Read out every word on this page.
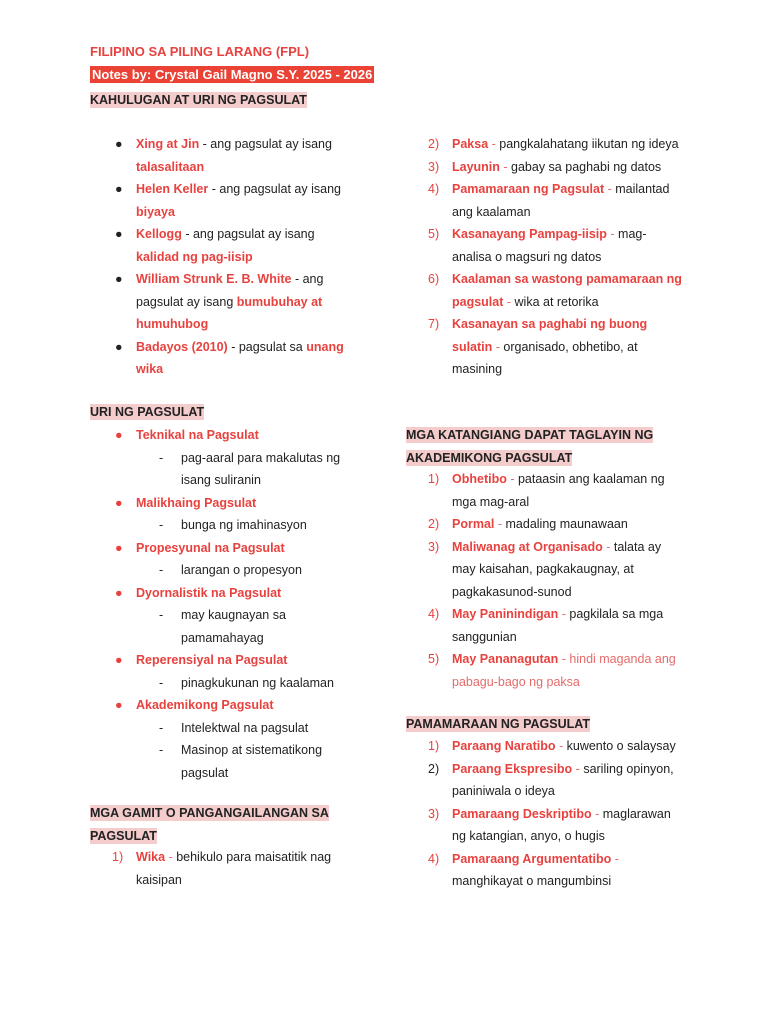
FILIPINO SA PILING LARANG (FPL)
Notes by: Crystal Gail Magno S.Y. 2025 - 2026
KAHULUGAN AT URI NG PAGSULAT
●	Xing at Jin - ang pagsulat ay isang
talasalitaan
●	Helen Keller - ang pagsulat ay isang
biyaya
●	Kellogg - ang pagsulat ay isang
kalidad ng pag-iisip
●	William Strunk E. B. White - ang pagsulat ay isang bumubuhay at humuhubog
●	Badayos (2010) - pagsulat sa unang wika
URI NG PAGSULAT
●	Teknikal na Pagsulat
- pag-aaral para makalutas ng isang suliranin
●	Malikhaing Pagsulat
- bunga ng imahinasyon
●	Propesyunal na Pagsulat
- larangan o propesyon
●	Dyornalistik na Pagsulat
- may kaugnayan sa pamamahayag
●	Reperensiyal na Pagsulat
- pinagkukunan ng kaalaman
●	Akademikong Pagsulat
- Intelektwal na pagsulat
- Masinop at sistematikong pagsulat
MGA GAMIT O PANGANGAILANGAN SA
PAGSULAT
1) Wika - behikulo para maisatitik nag kaisipan
2) Paksa - pangkalahatang iikutan ng ideya
3) Layunin - gabay sa paghabi ng datos
4) Pamamaraan ng Pagsulat - mailantad ang kaalaman
5) Kasanayang Pampag-iisip - mag-analisa o magsuri ng datos
6) Kaalaman sa wastong pamamaraan ng pagsulat - wika at retorika
7) Kasanayan sa paghabi ng buong sulatin - organisado, obhetibo, at masining
MGA KATANGIANG DAPAT TAGLAYIN NG
AKADEMIKONG PAGSULAT
1) Obhetibo - pataasin ang kaalaman ng mga mag-aral
2) Pormal - madaling maunawaan
3) Maliwanag at Organisado - talata ay may kaisahan, pagkakaugnay, at pagkakasunod-sunod
4) May Paninindigan - pagkilala sa mga sanggunian
5) May Pananagutan - hindi maganda ang pabagu-bago ng paksa
PAMAMARAAN NG PAGSULAT
1) Paraang Naratibo - kuwento o salaysay
2) Paraang Ekspresibo - sariling opinyon, paniniwala o ideya
3) Pamaraang Deskriptibo - maglarawan ng katangian, anyo, o hugis
4) Pamaraang Argumentatibo - manghikayat o mangumbinsi
